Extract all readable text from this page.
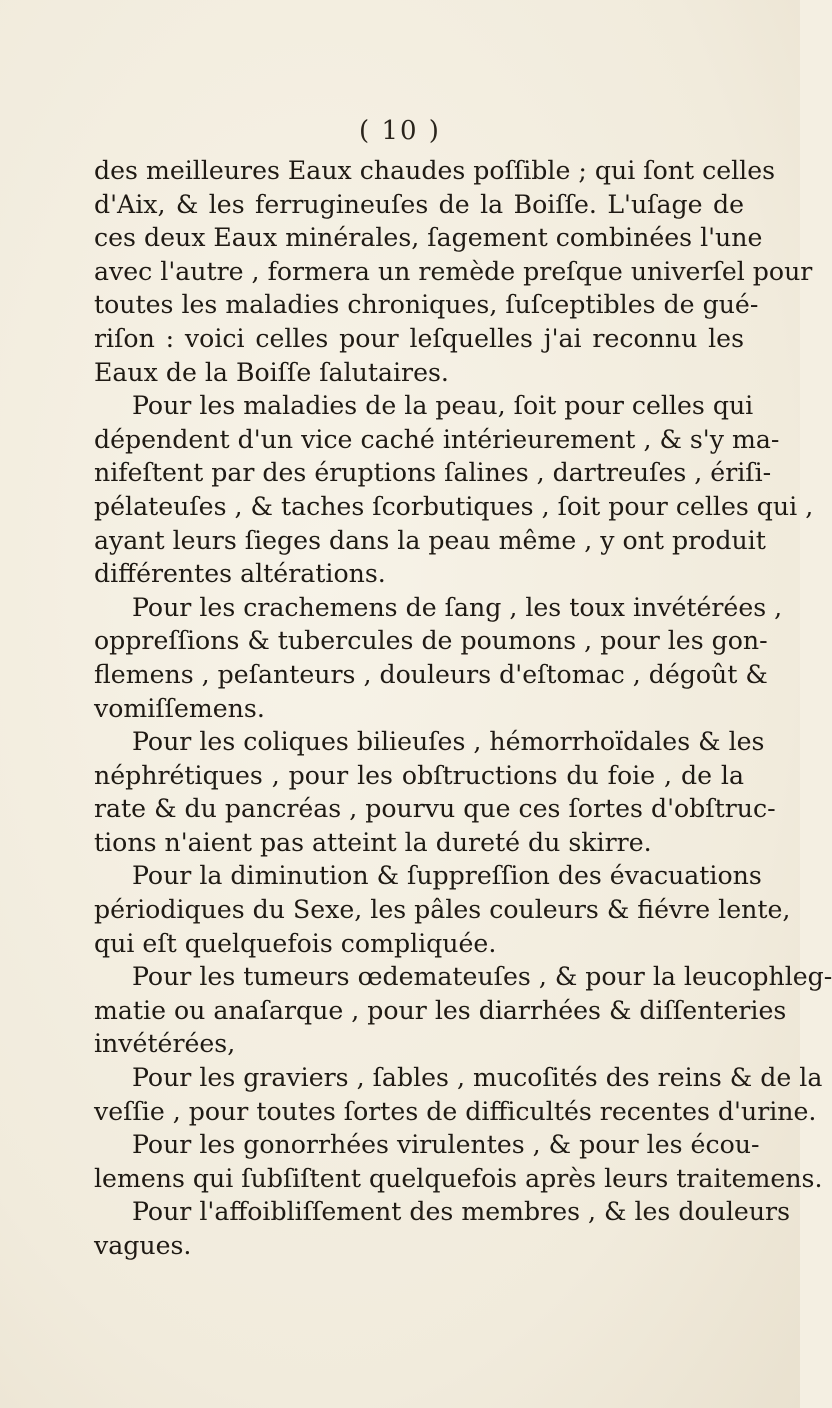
( 10 )
des meilleures Eaux chaudes poſſible ; qui ſont celles
d'Aix, & les ferrugineuſes de la Boiſſe. L'uſage de
ces deux Eaux minérales, ſagement combinées l'une
avec l'autre , formera un remède preſque univerſel pour
toutes les maladies chroniques, ſuſceptibles de gué-
riſon : voici celles pour leſquelles j'ai reconnu les
Eaux de la Boiſſe ſalutaires.
Pour les maladies de la peau, ſoit pour celles qui
dépendent d'un vice caché intérieurement , & s'y ma-
nifeſtent par des éruptions ſalines , dartreuſes , ériſi-
pélateuſes , & taches ſcorbutiques , ſoit pour celles qui ,
ayant leurs ſieges dans la peau même , y ont produit
différentes altérations.
Pour les crachemens de ſang , les toux invétérées ,
oppreſſions & tubercules de poumons , pour les gon-
flemens , peſanteurs , douleurs d'eſtomac , dégoût &
vomiſſemens.
Pour les coliques bilieuſes , hémorrhoïdales & les
néphrétiques , pour les obſtructions du foie , de la
rate & du pancréas , pourvu que ces ſortes d'obſtruc-
tions n'aient pas atteint la dureté du skirre.
Pour la diminution & ſuppreſſion des évacuations
périodiques du Sexe, les pâles couleurs & fiévre lente,
qui eſt quelquefois compliquée.
Pour les tumeurs œdemateuſes , & pour la leucophleg-
matie ou anaſarque , pour les diarrhées & diſſenteries
invétérées,
Pour les graviers , ſables , mucoſités des reins & de la
veſſie , pour toutes ſortes de difficultés recentes d'urine.
Pour les gonorrhées virulentes , & pour les écou-
lemens qui ſubſiſtent quelquefois après leurs traitemens.
Pour l'affoibliſſement des membres , & les douleurs
vagues.
